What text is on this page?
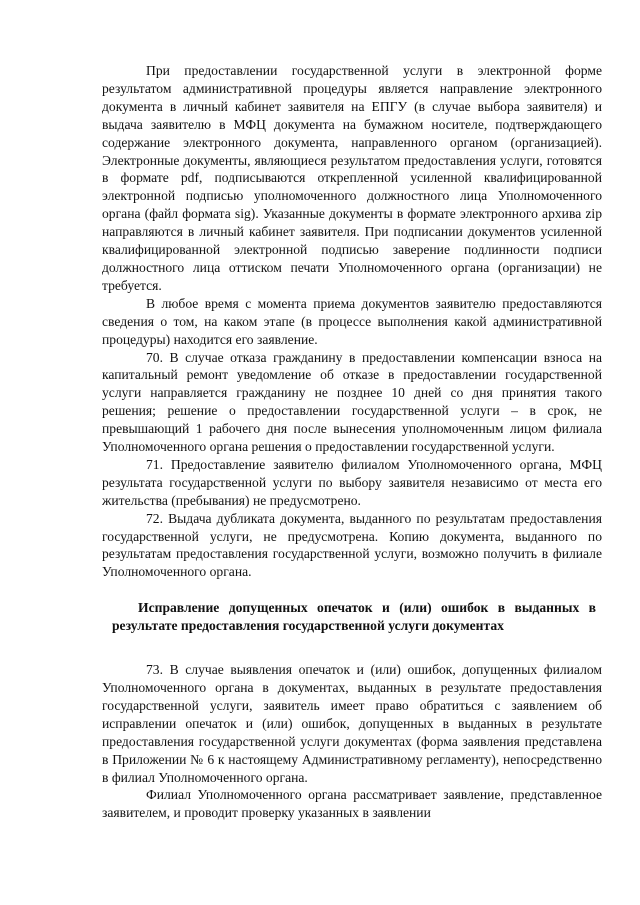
При предоставлении государственной услуги в электронной форме результатом административной процедуры является направление электронного документа в личный кабинет заявителя на ЕПГУ (в случае выбора заявителя) и выдача заявителю в МФЦ документа на бумажном носителе, подтверждающего содержание электронного документа, направленного органом (организацией). Электронные документы, являющиеся результатом предоставления услуги, готовятся в формате pdf, подписываются открепленной усиленной квалифицированной электронной подписью уполномоченного должностного лица Уполномоченного органа (файл формата sig). Указанные документы в формате электронного архива zip направляются в личный кабинет заявителя. При подписании документов усиленной квалифицированной электронной подписью заверение подлинности подписи должностного лица оттиском печати Уполномоченного органа (организации) не требуется.

В любое время с момента приема документов заявителю предоставляются сведения о том, на каком этапе (в процессе выполнения какой административной процедуры) находится его заявление.

70. В случае отказа гражданину в предоставлении компенсации взноса на капитальный ремонт уведомление об отказе в предоставлении государственной услуги направляется гражданину не позднее 10 дней со дня принятия такого решения; решение о предоставлении государственной услуги – в срок, не превышающий 1 рабочего дня после вынесения уполномоченным лицом филиала Уполномоченного органа решения о предоставлении государственной услуги.

71. Предоставление заявителю филиалом Уполномоченного органа, МФЦ результата государственной услуги по выбору заявителя независимо от места его жительства (пребывания) не предусмотрено.

72. Выдача дубликата документа, выданного по результатам предоставления государственной услуги, не предусмотрена. Копию документа, выданного по результатам предоставления государственной услуги, возможно получить в филиале Уполномоченного органа.

Исправление допущенных опечаток и (или) ошибок в выданных в результате предоставления государственной услуги документах

73. В случае выявления опечаток и (или) ошибок, допущенных филиалом Уполномоченного органа в документах, выданных в результате предоставления государственной услуги, заявитель имеет право обратиться с заявлением об исправлении опечаток и (или) ошибок, допущенных в выданных в результате предоставления государственной услуги документах (форма заявления представлена в Приложении № 6 к настоящему Административному регламенту), непосредственно в филиал Уполномоченного органа.

Филиал Уполномоченного органа рассматривает заявление, представленное заявителем, и проводит проверку указанных в заявлении
